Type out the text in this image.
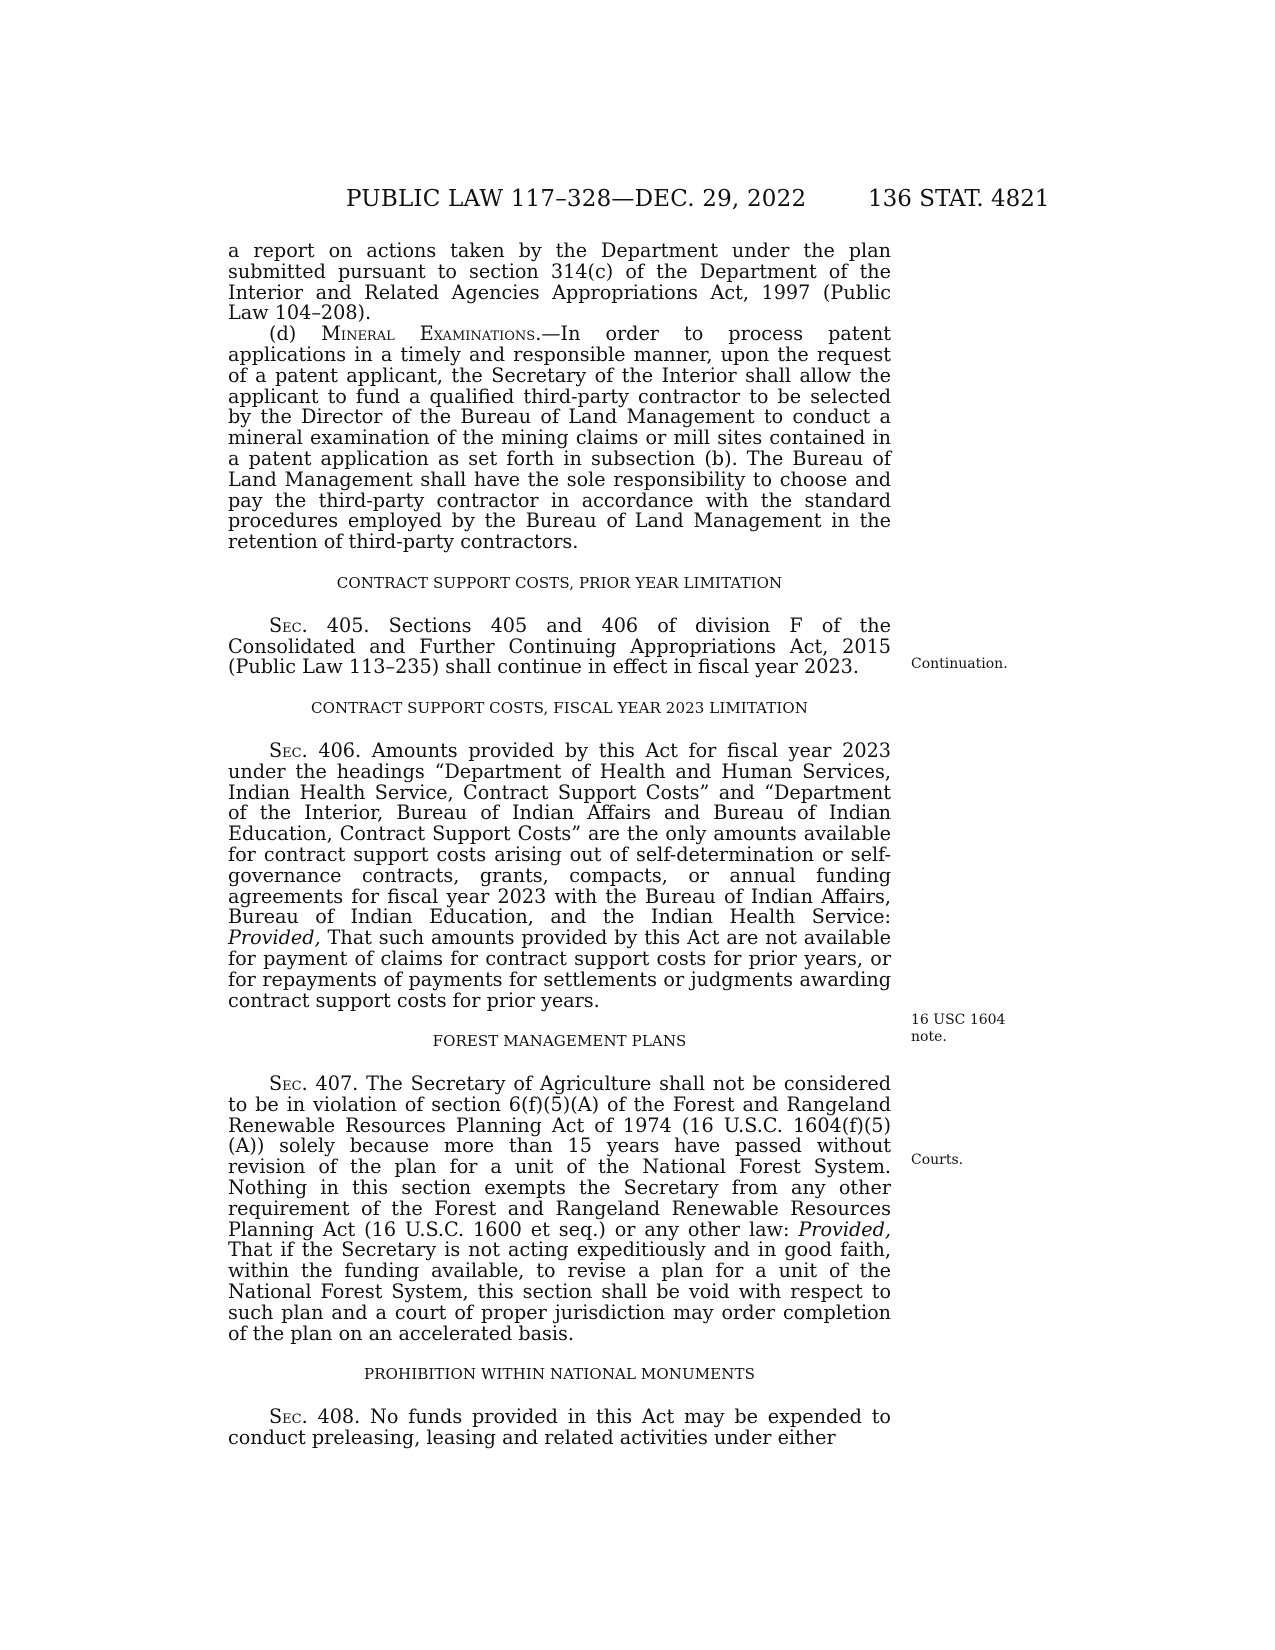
PUBLIC LAW 117–328—DEC. 29, 2022	136 STAT. 4821

a report on actions taken by the Department under the plan submitted pursuant to section 314(c) of the Department of the Interior and Related Agencies Appropriations Act, 1997 (Public Law 104–208).

(d) Mineral Examinations.—In order to process patent applications in a timely and responsible manner, upon the request of a patent applicant, the Secretary of the Interior shall allow the applicant to fund a qualified third-party contractor to be selected by the Director of the Bureau of Land Management to conduct a mineral examination of the mining claims or mill sites contained in a patent application as set forth in subsection (b). The Bureau of Land Management shall have the sole responsibility to choose and pay the third-party contractor in accordance with the standard procedures employed by the Bureau of Land Management in the retention of third-party contractors.

CONTRACT SUPPORT COSTS, PRIOR YEAR LIMITATION

Sec. 405. Sections 405 and 406 of division F of the Consolidated and Further Continuing Appropriations Act, 2015 (Public Law 113–235) shall continue in effect in fiscal year 2023.

CONTRACT SUPPORT COSTS, FISCAL YEAR 2023 LIMITATION

Sec. 406. Amounts provided by this Act for fiscal year 2023 under the headings “Department of Health and Human Services, Indian Health Service, Contract Support Costs” and “Department of the Interior, Bureau of Indian Affairs and Bureau of Indian Education, Contract Support Costs” are the only amounts available for contract support costs arising out of self-determination or self-governance contracts, grants, compacts, or annual funding agreements for fiscal year 2023 with the Bureau of Indian Affairs, Bureau of Indian Education, and the Indian Health Service: Provided, That such amounts provided by this Act are not available for payment of claims for contract support costs for prior years, or for repayments of payments for settlements or judgments awarding contract support costs for prior years.

FOREST MANAGEMENT PLANS

Sec. 407. The Secretary of Agriculture shall not be considered to be in violation of section 6(f)(5)(A) of the Forest and Rangeland Renewable Resources Planning Act of 1974 (16 U.S.C. 1604(f)(5)(A)) solely because more than 15 years have passed without revision of the plan for a unit of the National Forest System. Nothing in this section exempts the Secretary from any other requirement of the Forest and Rangeland Renewable Resources Planning Act (16 U.S.C. 1600 et seq.) or any other law: Provided, That if the Secretary is not acting expeditiously and in good faith, within the funding available, to revise a plan for a unit of the National Forest System, this section shall be void with respect to such plan and a court of proper jurisdiction may order completion of the plan on an accelerated basis.

PROHIBITION WITHIN NATIONAL MONUMENTS

Sec. 408. No funds provided in this Act may be expended to conduct preleasing, leasing and related activities under either

Continuation.
16 USC 1604
note.
Courts.
